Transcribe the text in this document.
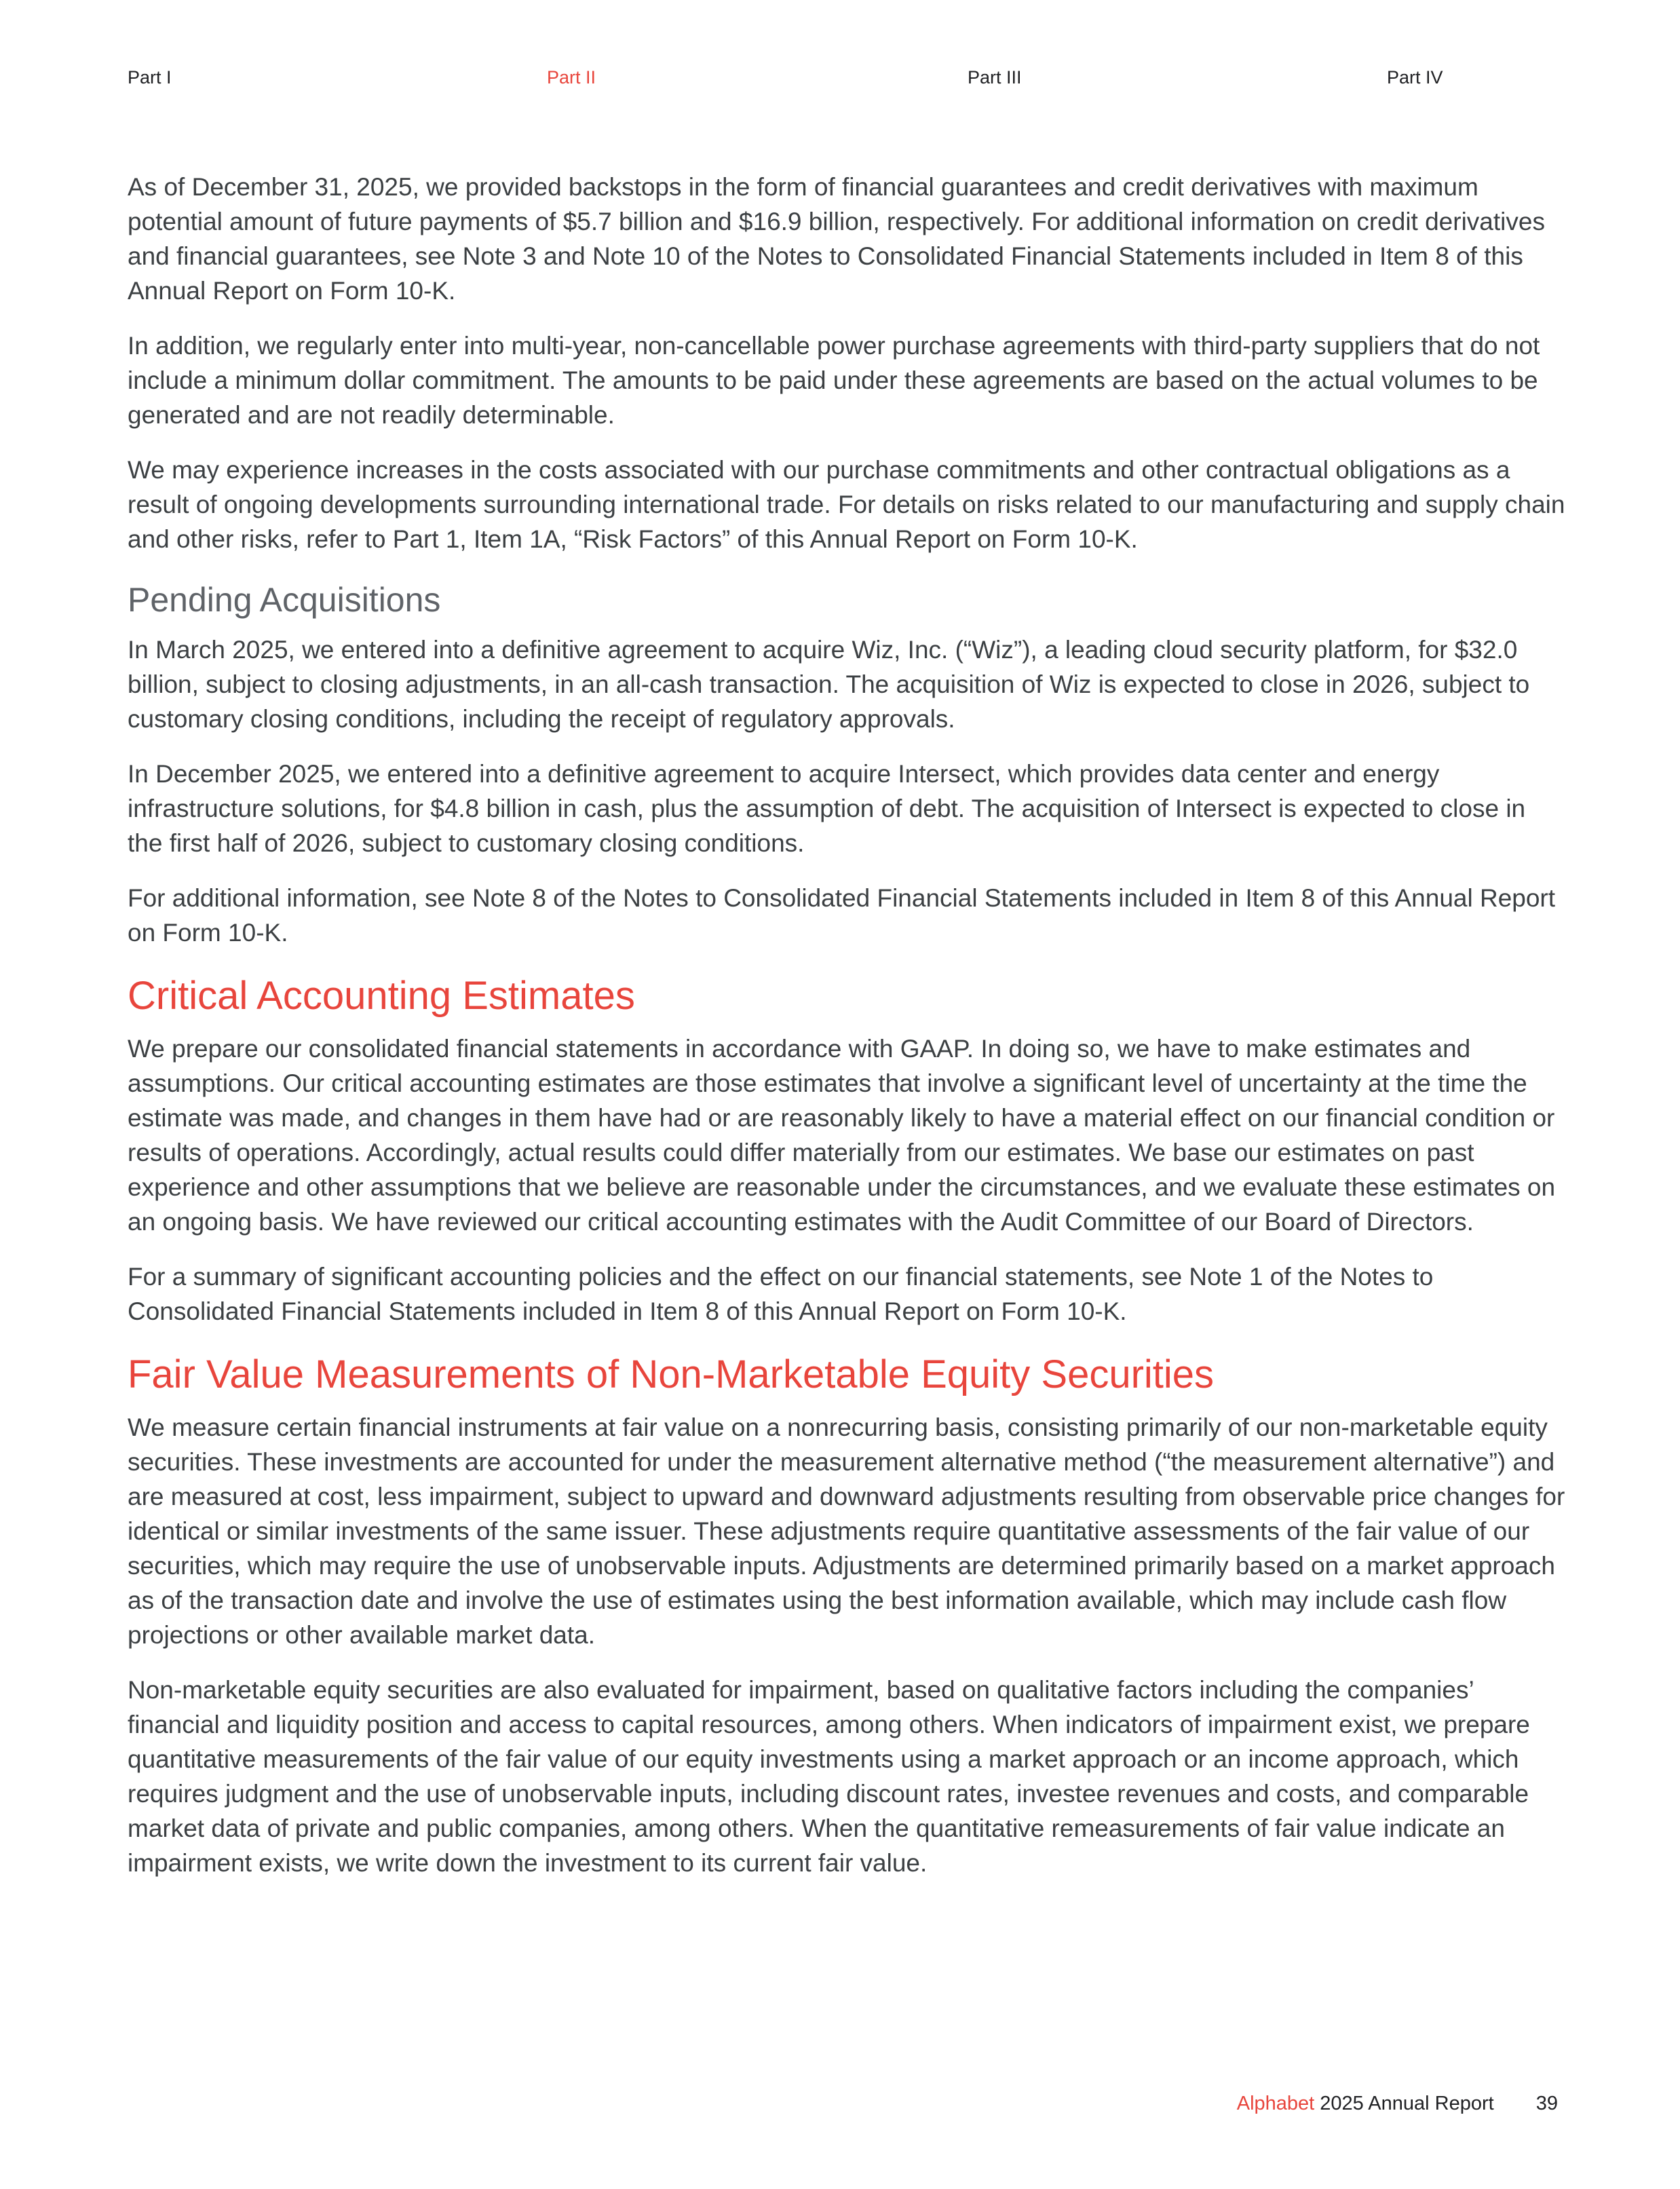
Part I	Part II	Part III	Part IV

As of December 31, 2025, we provided backstops in the form of financial guarantees and credit derivatives with maximum potential amount of future payments of $5.7 billion and $16.9 billion, respectively. For additional information on credit derivatives and financial guarantees, see Note 3 and Note 10 of the Notes to Consolidated Financial Statements included in Item 8 of this Annual Report on Form 10-K.

In addition, we regularly enter into multi-year, non-cancellable power purchase agreements with third-party suppliers that do not include a minimum dollar commitment. The amounts to be paid under these agreements are based on the actual volumes to be generated and are not readily determinable.

We may experience increases in the costs associated with our purchase commitments and other contractual obligations as a result of ongoing developments surrounding international trade. For details on risks related to our manufacturing and supply chain and other risks, refer to Part 1, Item 1A, “Risk Factors” of this Annual Report on Form 10-K.

Pending Acquisitions

In March 2025, we entered into a definitive agreement to acquire Wiz, Inc. (“Wiz”), a leading cloud security platform, for $32.0 billion, subject to closing adjustments, in an all-cash transaction. The acquisition of Wiz is expected to close in 2026, subject to customary closing conditions, including the receipt of regulatory approvals.

In December 2025, we entered into a definitive agreement to acquire Intersect, which provides data center and energy infrastructure solutions, for $4.8 billion in cash, plus the assumption of debt. The acquisition of Intersect is expected to close in the first half of 2026, subject to customary closing conditions.

For additional information, see Note 8 of the Notes to Consolidated Financial Statements included in Item 8 of this Annual Report on Form 10-K.

Critical Accounting Estimates

We prepare our consolidated financial statements in accordance with GAAP. In doing so, we have to make estimates and assumptions. Our critical accounting estimates are those estimates that involve a significant level of uncertainty at the time the estimate was made, and changes in them have had or are reasonably likely to have a material effect on our financial condition or results of operations. Accordingly, actual results could differ materially from our estimates. We base our estimates on past experience and other assumptions that we believe are reasonable under the circumstances, and we evaluate these estimates on an ongoing basis. We have reviewed our critical accounting estimates with the Audit Committee of our Board of Directors.

For a summary of significant accounting policies and the effect on our financial statements, see Note 1 of the Notes to Consolidated Financial Statements included in Item 8 of this Annual Report on Form 10-K.

Fair Value Measurements of Non-Marketable Equity Securities

We measure certain financial instruments at fair value on a nonrecurring basis, consisting primarily of our non-marketable equity securities. These investments are accounted for under the measurement alternative method (“the measurement alternative”) and are measured at cost, less impairment, subject to upward and downward adjustments resulting from observable price changes for identical or similar investments of the same issuer. These adjustments require quantitative assessments of the fair value of our securities, which may require the use of unobservable inputs. Adjustments are determined primarily based on a market approach as of the transaction date and involve the use of estimates using the best information available, which may include cash flow projections or other available market data.

Non-marketable equity securities are also evaluated for impairment, based on qualitative factors including the companies’ financial and liquidity position and access to capital resources, among others. When indicators of impairment exist, we prepare quantitative measurements of the fair value of our equity investments using a market approach or an income approach, which requires judgment and the use of unobservable inputs, including discount rates, investee revenues and costs, and comparable market data of private and public companies, among others. When the quantitative remeasurements of fair value indicate an impairment exists, we write down the investment to its current fair value.

Alphabet 2025 Annual Report 39
